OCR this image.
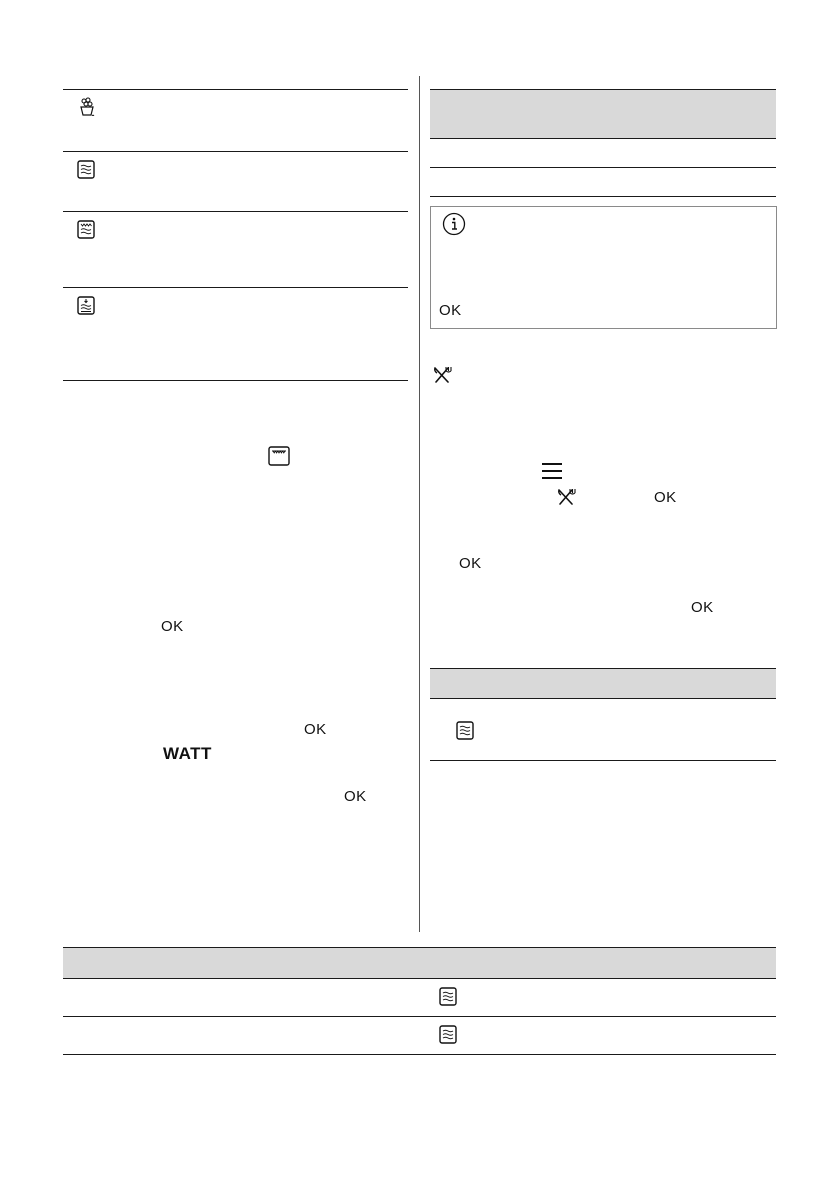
OK
OK
WATT
OK
OK
OK
OK
OK
